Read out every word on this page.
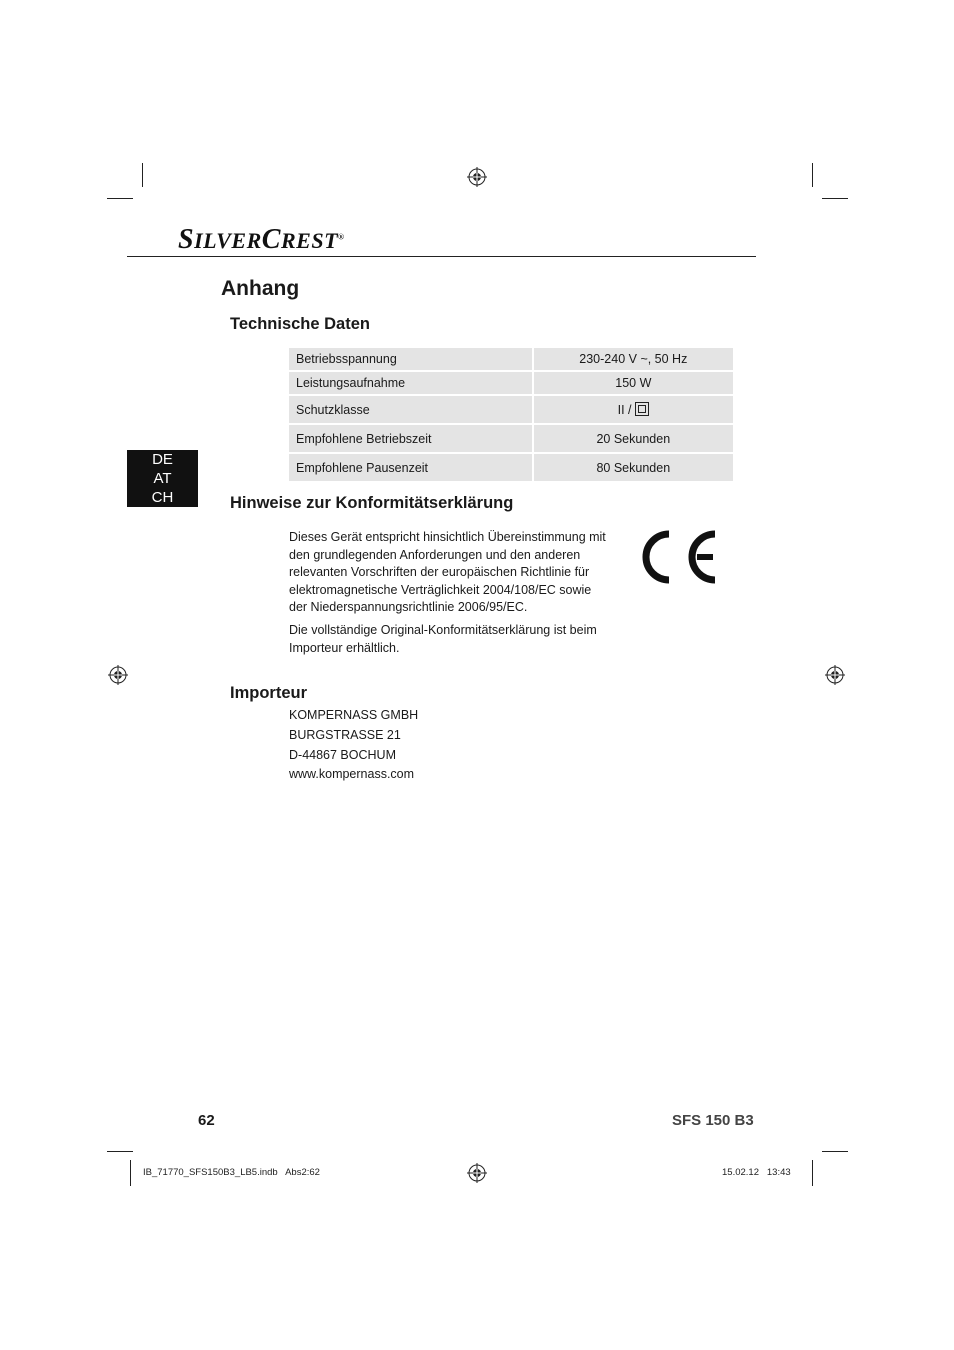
SILVERCREST®
Anhang
Technische Daten
Betriebsspannung	230-240 V ~, 50 Hz
Leistungsaufnahme	150 W
Schutzklasse	II /
Empfohlene Betriebszeit	20 Sekunden
Empfohlene Pausenzeit	80 Sekunden
DE
AT
CH	Hinweise zur Konformitätserklärung
Dieses Gerät entspricht hinsichtlich Übereinstimmung mit
den grundlegenden Anforderungen und den anderen
relevanten Vorschriften der europäischen Richtlinie für
elektromagnetische Verträglichkeit 2004/108/EC sowie
der Niederspannungsrichtlinie 2006/95/EC.
Die vollständige Original-Konformitätserklärung ist beim
Importeur erhältlich.
Importeur
KOMPERNASS GMBH
BURGSTRASSE 21
D-44867 BOCHUM
www.kompernass.com
62	SFS 150 B3
IB_71770_SFS150B3_LB5.indb   Abs2:62	15.02.12   13:43
